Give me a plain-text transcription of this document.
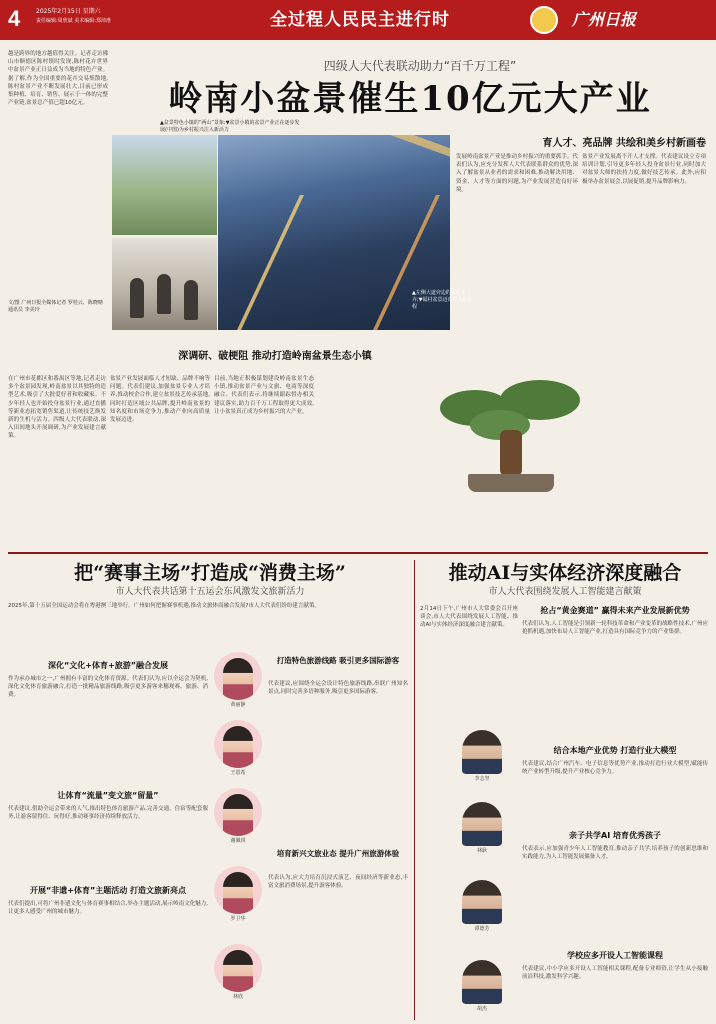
4	2025年2月15日 星期六
责任编辑:周欣斌 美术编辑:郑沛淮	全过程人民民主进行时	广州日报
四级人大代表联动助力“百千万工程”
岭南小盆景催生10亿元大产业
越是跨界的地方越值得关注。记者走访佛山市顺德区陈村镇时发现,陈村花卉世界中盆景产业正日益成为当地的特色产业。据了解,作为全国重要的花卉交易集散地,陈村盆景产业不断发展壮大,目前已形成集种植、培育、销售、展示于一体的完整产业链,盆景总产值已超10亿元。
▲盆景特色小镇的“两山”景象;▼盆景小镇的盆景产业正在逐步发展(中图)为乡村振兴注入新活力
▲左侧大道旁边的陈村花卉;▼福村盆景迈向花木新征程
文/图 广州日报全媒体记者 罗桂云、陈晓晴 通讯员 李美玲
育人才、亮品牌 共绘和美乡村新画卷
发展岭南盆景产业是推动乡村振兴的重要抓手。代表们认为,应充分发挥人大代表联系群众的优势,深入了解盆景从业者的需求和困难,推动解决用地、资金、人才等方面的问题,为产业发展营造良好环境。
盆景产业发展离不开人才支撑。代表建议设立专项培训计划,引导更多年轻人投身盆景行业,同时加大对盆景大师的扶持力度,做好技艺传承。此外,应积极举办盆景展会,以展促销,提升品牌影响力。
深调研、破梗阻 推动打造岭南盆景生态小镇
在广州市花都区和番禺区等地,记者走访多个盆景园发现,岭南盆景以其独特的造型艺术,吸引了大批爱好者和收藏家。不少年轻人也开始投身盆景行业,通过直播等新业态拓宽销售渠道,让传统技艺焕发新的生机与活力。四级人大代表联动,深入田间地头开展调研,为产业发展建言献策。
盆景产业发展面临人才短缺、品牌不响等问题。代表们建议,加强盆景专业人才培养,推动校企合作,建立盆景技艺传承基地,同时打造区域公共品牌,提升岭南盆景的知名度和市场竞争力,推动产业向高质量发展迈进。
目前,当地正积极谋划建设岭南盆景生态小镇,推动盆景产业与文旅、电商等深度融合。代表们表示,将继续跟踪督办相关建议落实,助力百千万工程取得更大成效,让小盆景真正成为乡村振兴的大产业。
把“赛事主场”打造成“消费主场”
市人大代表共话第十五运会东风激发文旅新活力
2025年,第十五届全国运动会将在粤港澳三地举行。广州如何把握赛事机遇,推动文旅体商融合发展?市人大代表们纷纷建言献策。
深化“文化+体育+旅游”融合发展
作为承办城市之一,广州拥有丰富的文化体育资源。代表们认为,应以全运会为契机,深化文化体育旅游融合,打造一批精品旅游线路,吸引更多游客来穗观赛、旅游、消费。
让体育“流量”变文旅“留量”
代表建议,借助全运会带来的人气,推出特色体育旅游产品,完善交通、住宿等配套服务,让游客留得住、玩得好,推动赛事经济持续释放活力。
开展“非遗+体育”主题活动 打造文旅新亮点
代表们提出,可将广州非遗文化与体育赛事相结合,举办主题活动,展示岭南文化魅力,让更多人感受广州的城市魅力。
黄丽静
王恩希
谢佩琪
罗卫华
林欣
打造特色旅游线路 吸引更多国际游客
代表建议,应围绕全运会设计特色旅游线路,串联广州知名景点,同时完善多语种服务,吸引更多国际游客。
培育新兴文旅业态 提升广州旅游体验
代表认为,应大力培育沉浸式演艺、夜间经济等新业态,丰富文旅消费场景,提升游客体验。
推动AI与实体经济深度融合
市人大代表围绕发展人工智能建言献策
2月14日下午,广州市人大常委会召开座谈会,市人大代表围绕发展人工智能、推动AI与实体经济深度融合建言献策。
抢占“黄金赛道” 赢得未来产业发展新优势
代表们认为,人工智能是引领新一轮科技革命和产业变革的战略性技术,广州应抢抓机遇,加快布局人工智能产业,打造具有国际竞争力的产业集群。
结合本地产业优势 打造行业大模型
代表建议,结合广州汽车、电子信息等优势产业,推动打造行业大模型,赋能传统产业转型升级,提升产业核心竞争力。
亲子共学AI 培育优秀孩子
代表表示,应加强青少年人工智能教育,推动亲子共学,培养孩子的创新思维和实践能力,为人工智能发展储备人才。
学校应多开设人工智能课程
代表建议,中小学应多开设人工智能相关课程,配备专业师资,让学生从小接触前沿科技,激发科学兴趣。
李志坚
林耿
谭德芳
胡杰
